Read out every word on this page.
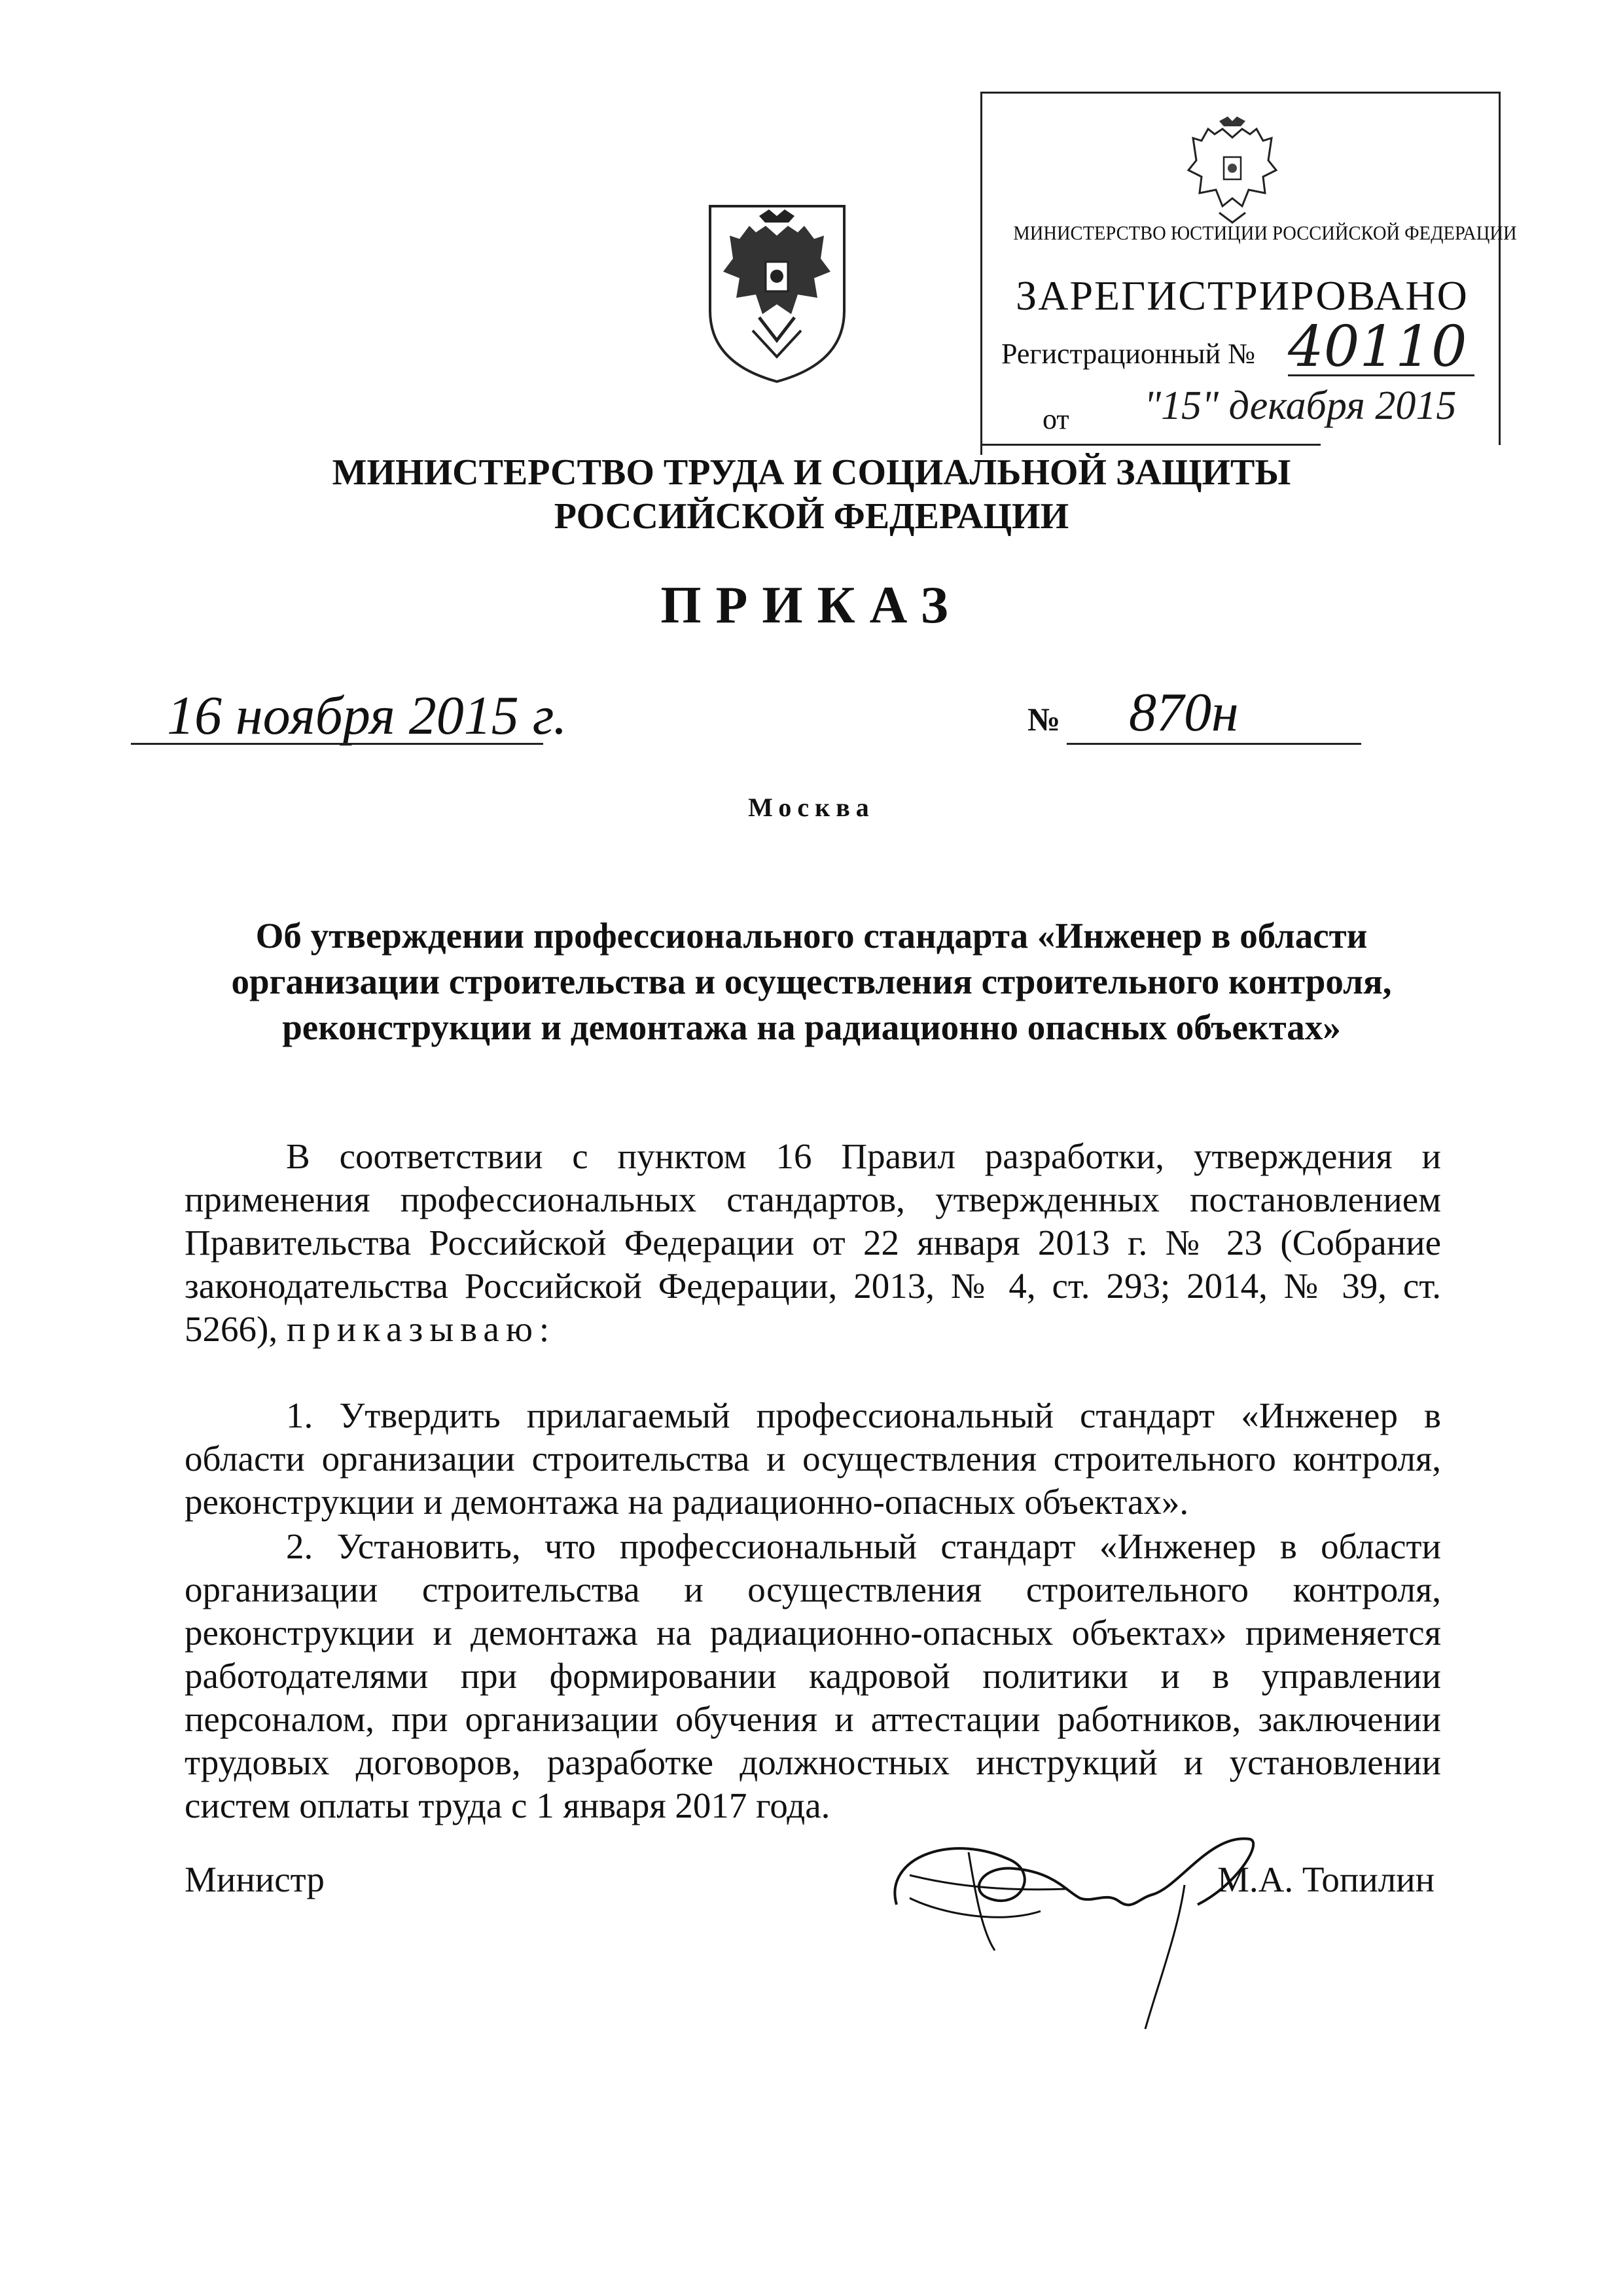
МИНИСТЕРСТВО ЮСТИЦИИ РОССИЙСКОЙ ФЕДЕРАЦИИ
ЗАРЕГИСТРИРОВАНО
Регистрационный № 40110
от "15" декабря 2015
МИНИСТЕРСТВО ТРУДА И СОЦИАЛЬНОЙ ЗАЩИТЫ
РОССИЙСКОЙ ФЕДЕРАЦИИ
ПРИКАЗ
16 ноября 2015 г.	№ 870н
Москва
Об утверждении профессионального стандарта «Инженер в области организации строительства и осуществления строительного контроля, реконструкции и демонтажа на радиационно опасных объектах»
В соответствии с пунктом 16 Правил разработки, утверждения и применения профессиональных стандартов, утвержденных постановлением Правительства Российской Федерации от 22 января 2013 г. № 23 (Собрание законодательства Российской Федерации, 2013, № 4, ст. 293; 2014, № 39, ст. 5266), приказываю:
1. Утвердить прилагаемый профессиональный стандарт «Инженер в области организации строительства и осуществления строительного контроля, реконструкции и демонтажа на радиационно-опасных объектах».
2. Установить, что профессиональный стандарт «Инженер в области организации строительства и осуществления строительного контроля, реконструкции и демонтажа на радиационно-опасных объектах» применяется работодателями при формировании кадровой политики и в управлении персоналом, при организации обучения и аттестации работников, заключении трудовых договоров, разработке должностных инструкций и установлении систем оплаты труда с 1 января 2017 года.
Министр	М.А. Топилин
